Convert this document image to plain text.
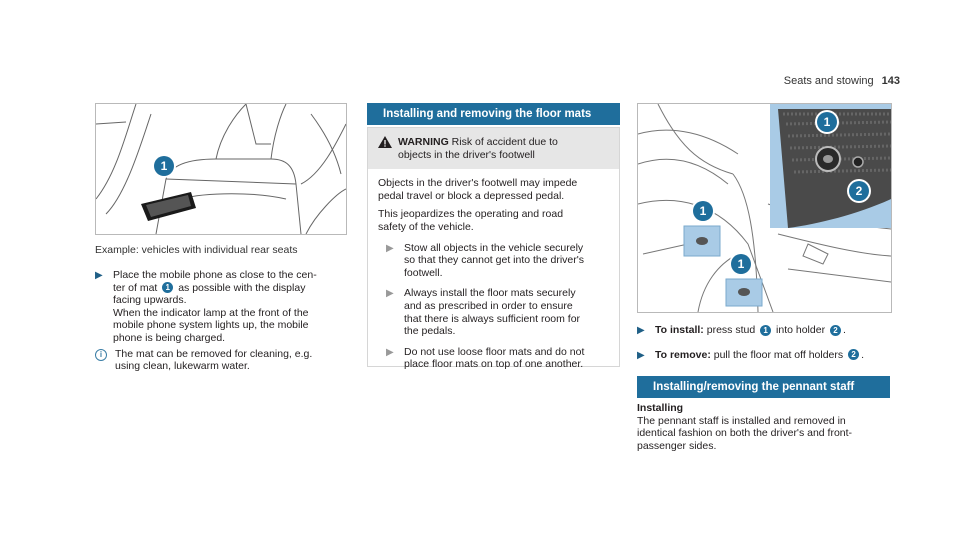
Seats and stowing 143
1
Example: vehicles with individual rear seats
▶ Place the mobile phone as close to the cen-
ter of mat 1 as possible with the display
facing upwards.
When the indicator lamp at the front of the
mobile phone system lights up, the mobile
phone is being charged.
i	The mat can be removed for cleaning, e.g.
using clean, lukewarm water.
Installing and removing the floor mats
WARNING Risk of accident due to
objects in the driver's footwell

Objects in the driver's footwell may impede
pedal travel or block a depressed pedal.

This jeopardizes the operating and road
safety of the vehicle.

▶ Stow all objects in the vehicle securely
so that they cannot get into the driver's
footwell.
▶ Always install the floor mats securely
and as prescribed in order to ensure
that there is always sufficient room for
the pedals.
▶ Do not use loose floor mats and do not
place floor mats on top of one another.
1
2
1
1
▶ To install: press stud 1 into holder 2 .
▶ To remove: pull the floor mat off holders 2 .
Installing/removing the pennant staff
Installing
The pennant staff is installed and removed in
identical fashion on both the driver's and front-
passenger sides.
